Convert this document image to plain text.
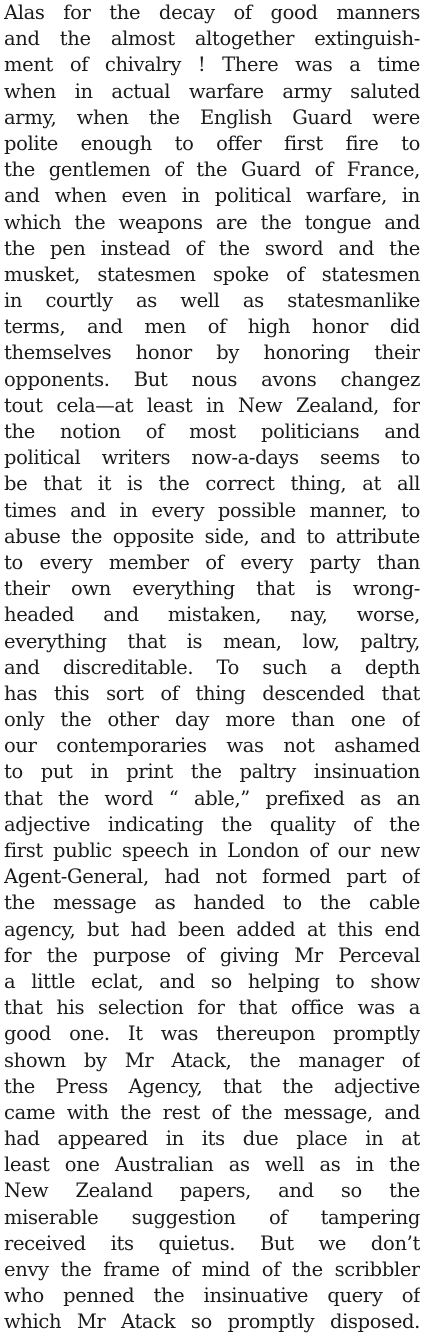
Alas for the decay of good manners
and the almost altogether extinguish-
ment of chivalry ! There was a time
when in actual warfare army saluted
army, when the English Guard were
polite enough to offer first fire to
the gentlemen of the Guard of France,
and when even in political warfare, in
which the weapons are the tongue and
the pen instead of the sword and the
musket, statesmen spoke of statesmen
in courtly as well as statesmanlike
terms, and men of high honor did
themselves honor by honoring their
opponents. But nous avons changez
tout cela—at least in New Zealand, for
the notion of most politicians and
political writers now-a-days seems to
be that it is the correct thing, at all
times and in every possible manner, to
abuse the opposite side, and to attribute
to every member of every party than
their own everything that is wrong-
headed and mistaken, nay, worse,
everything that is mean, low, paltry,
and discreditable. To such a depth
has this sort of thing descended that
only the other day more than one of
our contemporaries was not ashamed
to put in print the paltry insinuation
that the word “ able,” prefixed as an
adjective indicating the quality of the
first public speech in London of our new
Agent-General, had not formed part of
the message as handed to the cable
agency, but had been added at this end
for the purpose of giving Mr Perceval
a little eclat, and so helping to show
that his selection for that office was a
good one. It was thereupon promptly
shown by Mr Atack, the manager of
the Press Agency, that the adjective
came with the rest of the message, and
had appeared in its due place in at
least one Australian as well as in the
New Zealand papers, and so the
miserable suggestion of tampering
received its quietus. But we don’t
envy the frame of mind of the scribbler
who penned the insinuative query of
which Mr Atack so promptly disposed.
